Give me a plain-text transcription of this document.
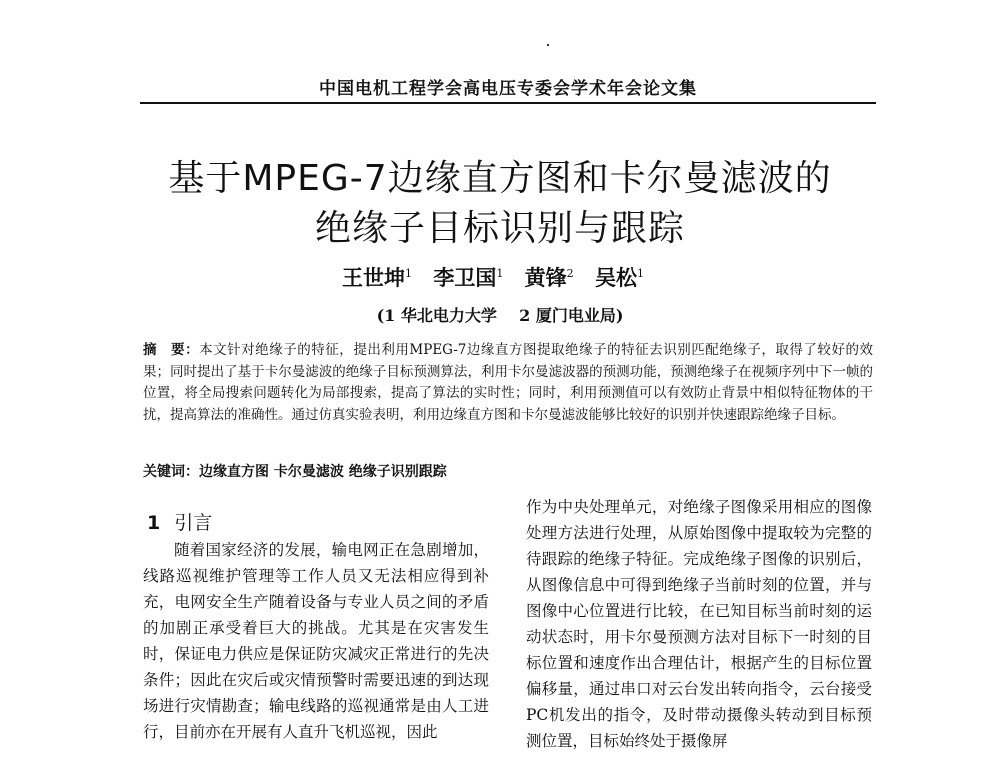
中国电机工程学会高电压专委会学术年会论文集
基于MPEG-7边缘直方图和卡尔曼滤波的
绝缘子目标识别与跟踪
王世坤$^1$ 李卫国$^1$ 黄锋$^2$ 吴松$^1$
(1 华北电力大学    2 厦门电业局)

摘　要：本文针对绝缘子的特征，提出利用MPEG-7边缘直方图提取绝缘子的特征去识别匹配绝缘子，取得了较好的效果；同时提出了基于卡尔曼滤波的绝缘子目标预测算法，利用卡尔曼滤波器的预测功能，预测绝缘子在视频序列中下一帧的位置，将全局搜索问题转化为局部搜索，提高了算法的实时性；同时，利用预测值可以有效防止背景中相似特征物体的干扰，提高算法的准确性。通过仿真实验表明，利用边缘直方图和卡尔曼滤波能够比较好的识别并快速跟踪绝缘子目标。

关键词：边缘直方图 卡尔曼滤波 绝缘子识别跟踪

1 引言

随着国家经济的发展，输电网正在急剧增加，线路巡视维护管理等工作人员又无法相应得到补充，电网安全生产随着设备与专业人员之间的矛盾的加剧正承受着巨大的挑战。尤其是在灾害发生时，保证电力供应是保证防灾减灾正常进行的先决条件；因此在灾后或灾情预警时需要迅速的到达现场进行灾情勘查；输电线路的巡视通常是由人工进行，目前亦在开展有人直升飞机巡视，因此

作为中央处理单元，对绝缘子图像采用相应的图像处理方法进行处理，从原始图像中提取较为完整的待跟踪的绝缘子特征。完成绝缘子图像的识别后，从图像信息中可得到绝缘子当前时刻的位置，并与图像中心位置进行比较，在已知目标当前时刻的运动状态时，用卡尔曼预测方法对目标下一时刻的目标位置和速度作出合理估计，根据产生的目标位置偏移量，通过串口对云台发出转向指令，云台接受PC机发出的指令，及时带动摄像头转动到目标预测位置，目标始终处于摄像屏
